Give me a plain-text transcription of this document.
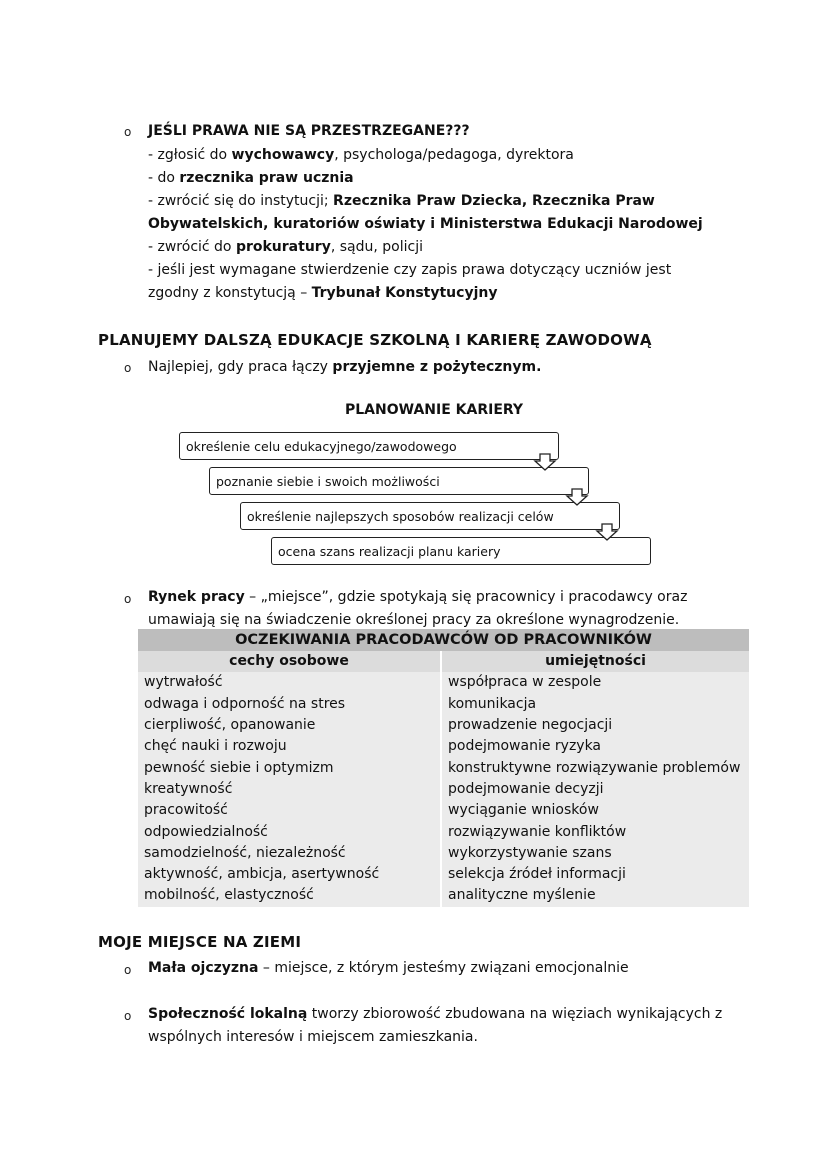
o JEŚLI PRAWA NIE SĄ PRZESTRZEGANE???
- zgłosić do wychowawcy, psychologa/pedagoga, dyrektora
- do rzecznika praw ucznia
- zwrócić się do instytucji; Rzecznika Praw Dziecka, Rzecznika Praw
Obywatelskich, kuratoriów oświaty i Ministerstwa Edukacji Narodowej
- zwrócić do prokuratury, sądu, policji
- jeśli jest wymagane stwierdzenie czy zapis prawa dotyczący uczniów jest
zgodny z konstytucją – Trybunał Konstytucyjny
PLANUJEMY DALSZĄ EDUKACJE SZKOLNĄ I KARIERĘ ZAWODOWĄ
o Najlepiej, gdy praca łączy przyjemne z pożytecznym.
PLANOWANIE KARIERY
określenie celu edukacyjnego/zawodowego
poznanie siebie i swoich możliwości
określenie najlepszych sposobów realizacji celów
ocena szans realizacji planu kariery
o Rynek pracy – „miejsce”, gdzie spotykają się pracownicy i pracodawcy oraz
umawiają się na świadczenie określonej pracy za określone wynagrodzenie.
OCZEKIWANIA PRACODAWCÓW OD PRACOWNIKÓW	
cechy osobowe	umiejętności
wytrwałość	współpraca w zespole
odwaga i odporność na stres	komunikacja
cierpliwość, opanowanie	prowadzenie negocjacji
chęć nauki i rozwoju	podejmowanie ryzyka
pewność siebie i optymizm	konstruktywne rozwiązywanie problemów
kreatywność	podejmowanie decyzji
pracowitość	wyciąganie wniosków
odpowiedzialność	rozwiązywanie konfliktów
samodzielność, niezależność	wykorzystywanie szans
aktywność, ambicja, asertywność	selekcja źródeł informacji
mobilność, elastyczność	analityczne myślenie
MOJE MIEJSCE NA ZIEMI
o Mała ojczyzna – miejsce, z którym jesteśmy związani emocjonalnie
o Społeczność lokalną tworzy zbiorowość zbudowana na więziach wynikających z
wspólnych interesów i miejscem zamieszkania.
